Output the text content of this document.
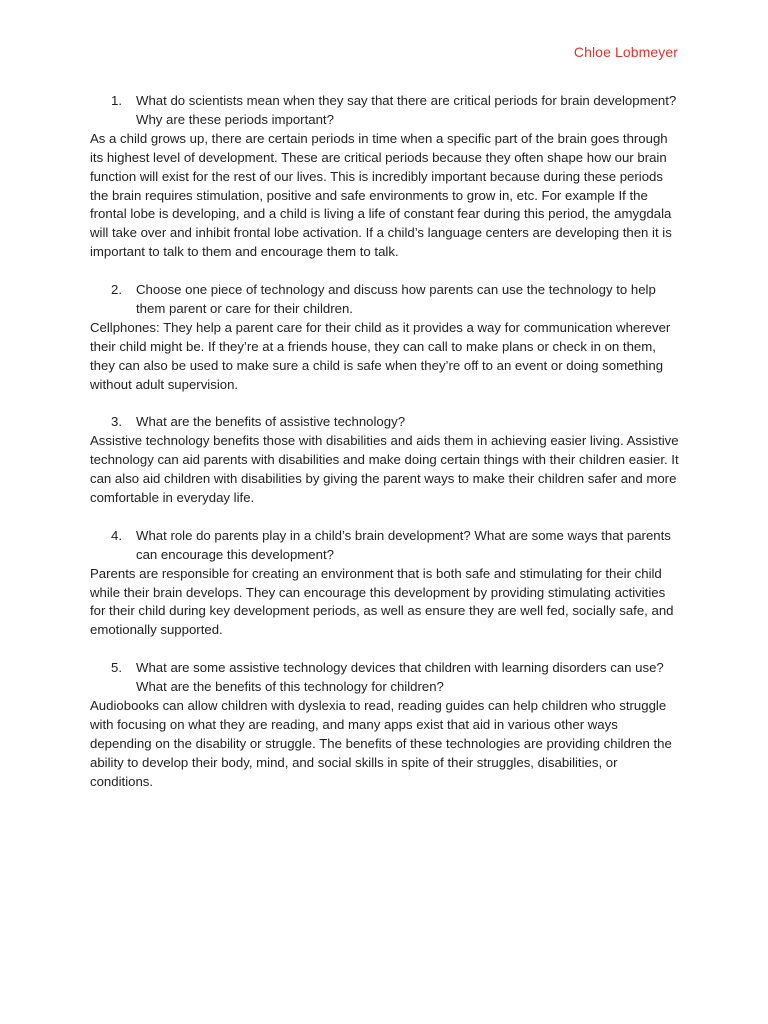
Chloe Lobmeyer
1.	What do scientists mean when they say that there are critical periods for brain development? Why are these periods important?

As a child grows up, there are certain periods in time when a specific part of the brain goes through its highest level of development. These are critical periods because they often shape how our brain function will exist for the rest of our lives. This is incredibly important because during these periods the brain requires stimulation, positive and safe environments to grow in, etc. For example If the frontal lobe is developing, and a child is living a life of constant fear during this period, the amygdala will take over and inhibit frontal lobe activation. If a child’s language centers are developing then it is important to talk to them and encourage them to talk.

2.	Choose one piece of technology and discuss how parents can use the technology to help them parent or care for their children.

Cellphones: They help a parent care for their child as it provides a way for communication wherever their child might be. If they’re at a friends house, they can call to make plans or check in on them, they can also be used to make sure a child is safe when they’re off to an event or doing something without adult supervision.

3.	What are the benefits of assistive technology?

Assistive technology benefits those with disabilities and aids them in achieving easier living. Assistive technology can aid parents with disabilities and make doing certain things with their children easier. It can also aid children with disabilities by giving the parent ways to make their children safer and more comfortable in everyday life.

4.	What role do parents play in a child’s brain development? What are some ways that parents can encourage this development?

Parents are responsible for creating an environment that is both safe and stimulating for their child while their brain develops. They can encourage this development by providing stimulating activities for their child during key development periods, as well as ensure they are well fed, socially safe, and emotionally supported.

5.	What are some assistive technology devices that children with learning disorders can use? What are the benefits of this technology for children?

Audiobooks can allow children with dyslexia to read, reading guides can help children who struggle with focusing on what they are reading, and many apps exist that aid in various other ways depending on the disability or struggle. The benefits of these technologies are providing children the ability to develop their body, mind, and social skills in spite of their struggles, disabilities, or conditions.
